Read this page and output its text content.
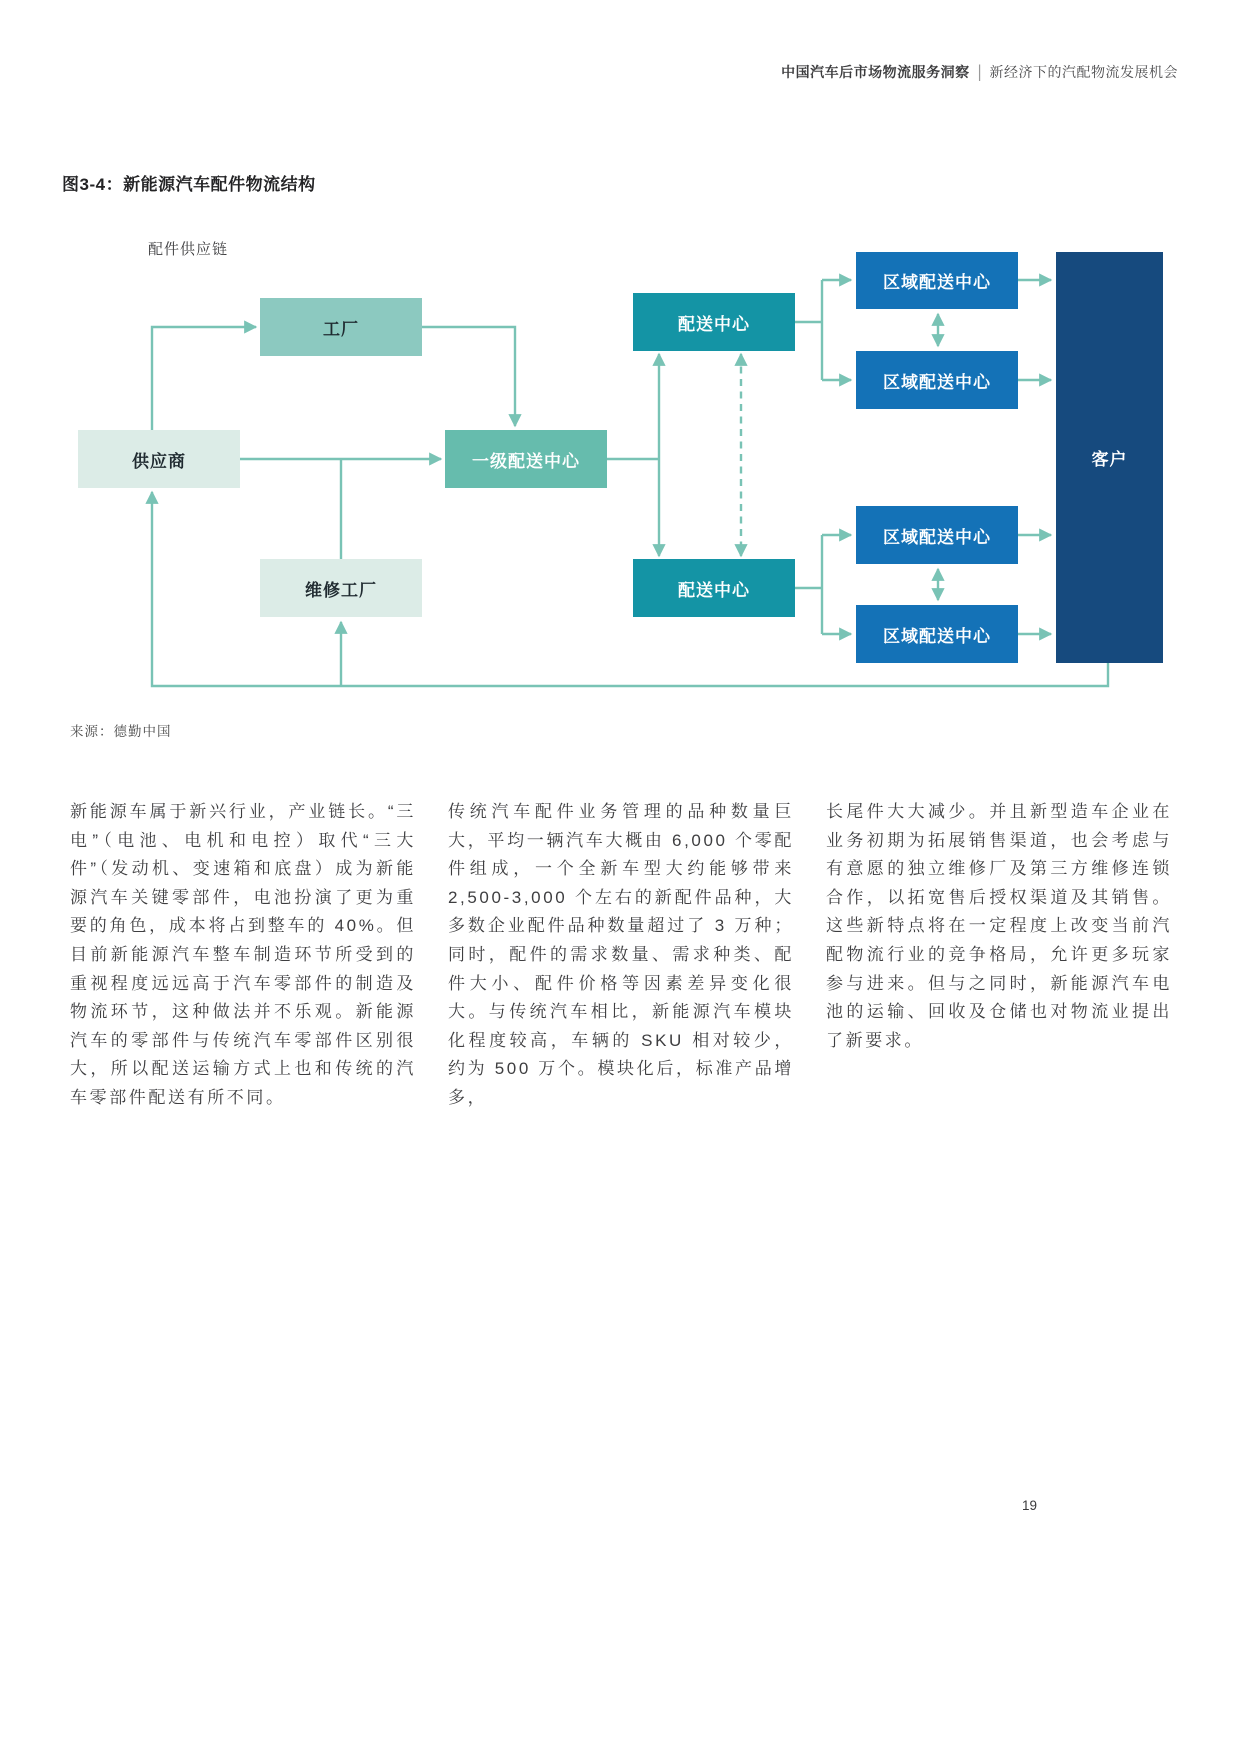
中国汽车后市场物流服务洞察 | 新经济下的汽配物流发展机会
图3-4：新能源汽车配件物流结构
配件供应链
工厂
供应商
维修工厂
一级配送中心
配送中心
配送中心
区域配送中心
区域配送中心
区域配送中心
区域配送中心
客户
来源：德勤中国
新能源车属于新兴行业，产业链长。“三电”（电池、电机和电控）取代“三大件”（发动机、变速箱和底盘）成为新能源汽车关键零部件，电池扮演了更为重要的角色，成本将占到整车的 40%。但目前新能源汽车整车制造环节所受到的重视程度远远高于汽车零部件的制造及物流环节，这种做法并不乐观。新能源汽车的零部件与传统汽车零部件区别很大，所以配送运输方式上也和传统的汽车零部件配送有所不同。
传统汽车配件业务管理的品种数量巨大，平均一辆汽车大概由 6,000 个零配件组成，一个全新车型大约能够带来 2,500-3,000 个左右的新配件品种，大多数企业配件品种数量超过了 3 万种；同时，配件的需求数量、需求种类、配件大小、配件价格等因素差异变化很大。与传统汽车相比，新能源汽车模块化程度较高，车辆的 SKU 相对较少，约为 500 万个。模块化后，标准产品增多，
长尾件大大减少。并且新型造车企业在业务初期为拓展销售渠道，也会考虑与有意愿的独立维修厂及第三方维修连锁合作，以拓宽售后授权渠道及其销售。这些新特点将在一定程度上改变当前汽配物流行业的竞争格局，允许更多玩家参与进来。但与之同时，新能源汽车电池的运输、回收及仓储也对物流业提出了新要求。
19
